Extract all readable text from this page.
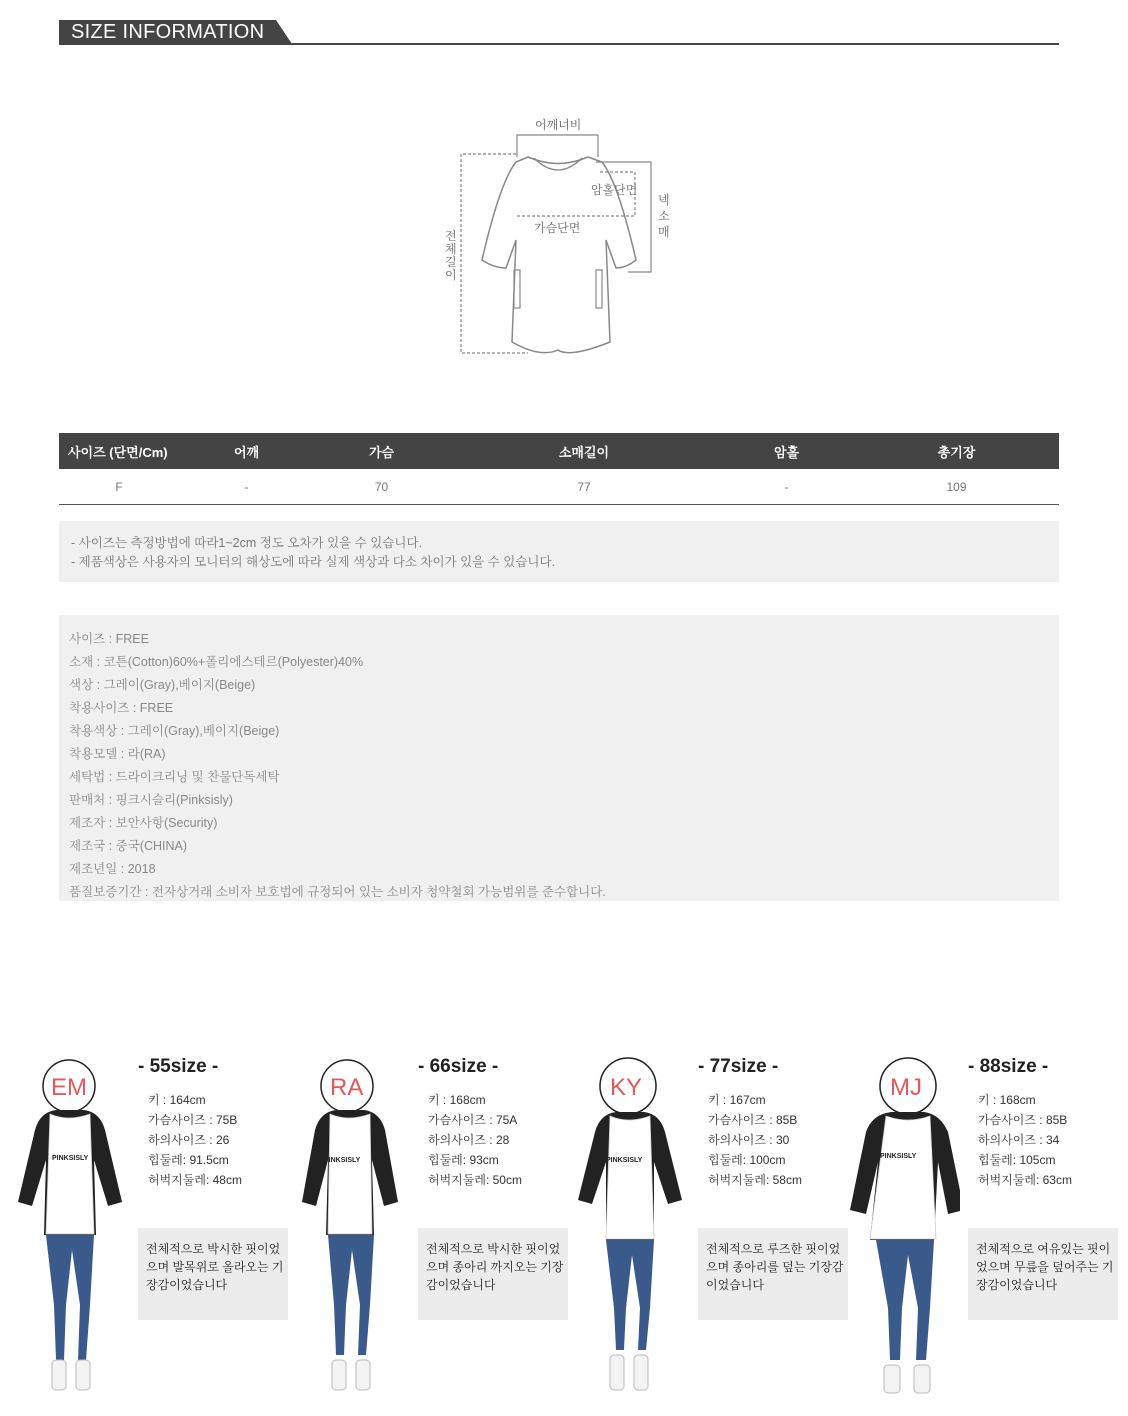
SIZE INFORMATION
어깨너비
암홀단면
가슴단면
넥
소
매
전
체
길
이
사이즈 (단면/Cm)	어깨	가슴	소매길이	암홀	총기장
F	-	70	77	-	109
- 사이즈는 측정방법에 따라1~2cm 정도 오차가 있을 수 있습니다.
- 제품색상은 사용자의 모니터의 해상도에 따라 실제 색상과 다소 차이가 있을 수 있습니다.
사이즈 : FREE
소재 : 코튼(Cotton)60%+폴리에스테르(Polyester)40%
색상 : 그레이(Gray),베이지(Beige)
착용사이즈 : FREE
착용색상 : 그레이(Gray),베이지(Beige)
착용모델 : 라(RA)
세탁법 : 드라이크리닝 및 찬물단독세탁
판매처 : 핑크시슬리(Pinksisly)
제조자 : 보안사항(Security)
제조국 : 중국(CHINA)
제조년일 : 2018
품질보증기간 : 전자상거래 소비자 보호법에 규정되어 있는 소비자 청약철회 가능범위를 준수합니다.
EM
PINKSISLY
- 55size -
키 : 164cm
가슴사이즈 : 75B
하의사이즈 : 26
힙둘레: 91.5cm
허벅지둘레: 48cm
전체적으로 박시한 핏이었
으며 발목위로 올라오는 기
장감이었습니다
RA
PINKSISLY
- 66size -
키 : 168cm
가슴사이즈 : 75A
하의사이즈 : 28
힙둘레: 93cm
허벅지둘레: 50cm
전체적으로 박시한 핏이었
으며 종아리 까지오는 기장
감이었습니다
KY
PINKSISLY
- 77size -
키 : 167cm
가슴사이즈 : 85B
하의사이즈 : 30
힙둘레: 100cm
허벅지둘레: 58cm
전체적으로 루즈한 핏이었
으며 종아리를 덮는 기장감
이었습니다
MJ
PINKSISLY
- 88size -
키 : 168cm
가슴사이즈 : 85B
하의사이즈 : 34
힙둘레: 105cm
허벅지둘레: 63cm
전체적으로 여유있는 핏이
었으며 무릎을 덮어주는 기
장감이었습니다
